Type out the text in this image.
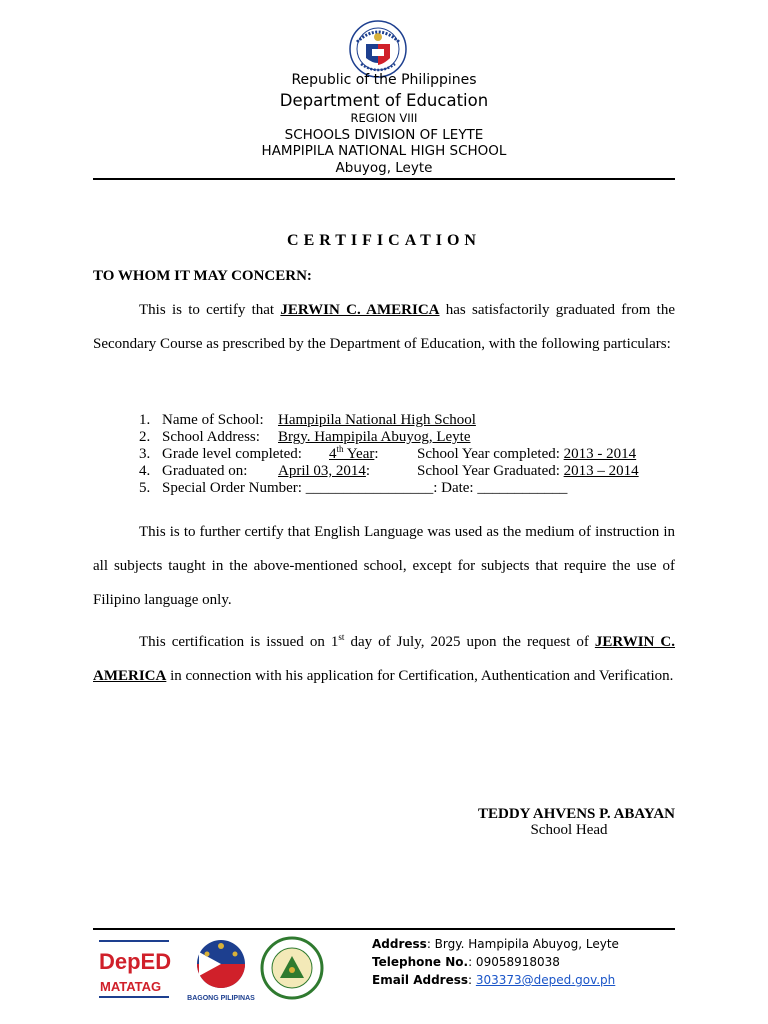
Republic of the Philippines
Department of Education
REGION VIII
SCHOOLS DIVISION OF LEYTE
HAMPIPILA NATIONAL HIGH SCHOOL
Abuyog, Leyte
CERTIFICATION
TO WHOM IT MAY CONCERN:

This is to certify that JERWIN C. AMERICA has satisfactorily graduated from the Secondary Course as prescribed by the Department of Education, with the following particulars:

1. Name of School: Hampipila National High School
2. School Address: Brgy. Hampipila Abuyog, Leyte
3. Grade level completed: 4th Year:	School Year completed: 2013 - 2014
4. Graduated on: April 03, 2014:	School Year Graduated: 2013 – 2014
5. Special Order Number: _________________: Date: ____________

This is to further certify that English Language was used as the medium of instruction in all subjects taught in the above-mentioned school, except for subjects that require the use of Filipino language only.

This certification is issued on 1st day of July, 2025 upon the request of JERWIN C. AMERICA in connection with his application for Certification, Authentication and Verification.

TEDDY AHVENS P. ABAYAN
School Head
DepED
MATATAG
BAGONG PILIPINAS
Address: Brgy. Hampipila Abuyog, Leyte
Telephone No.: 09058918038
Email Address: 303373@deped.gov.ph
